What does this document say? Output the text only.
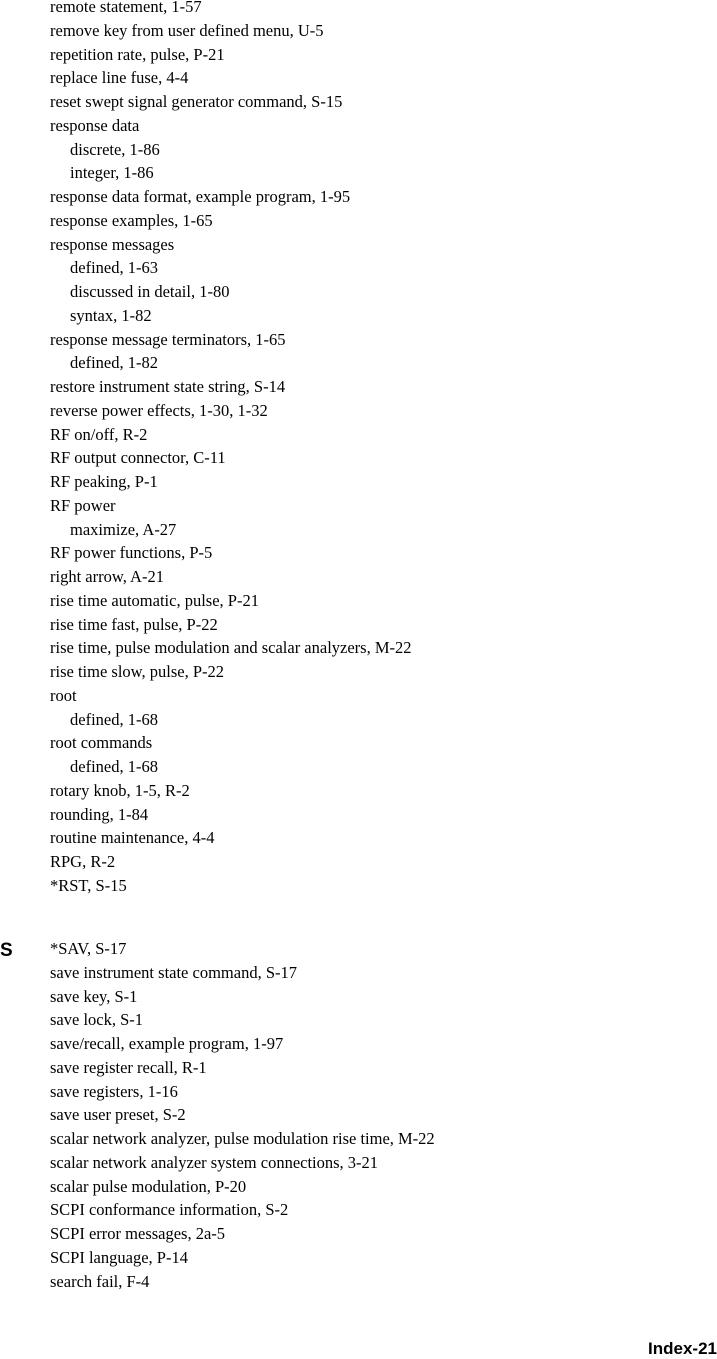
remote statement, 1-57
remove key from user defined menu, U-5
repetition rate, pulse, P-21
replace line fuse, 4-4
reset swept signal generator command, S-15
response data
discrete, 1-86
integer, 1-86
response data format, example program, 1-95
response examples, 1-65
response messages
defined, 1-63
discussed in detail, 1-80
syntax, 1-82
response message terminators, 1-65
defined, 1-82
restore instrument state string, S-14
reverse power effects, 1-30, 1-32
RF on/off, R-2
RF output connector, C-11
RF peaking, P-1
RF power
maximize, A-27
RF power functions, P-5
right arrow, A-21
rise time automatic, pulse, P-21
rise time fast, pulse, P-22
rise time, pulse modulation and scalar analyzers, M-22
rise time slow, pulse, P-22
root
defined, 1-68
root commands
defined, 1-68
rotary knob, 1-5, R-2
rounding, 1-84
routine maintenance, 4-4
RPG, R-2
*RST, S-15
S	*SAV, S-17
save instrument state command, S-17
save key, S-1
save lock, S-1
save/recall, example program, 1-97
save register recall, R-1
save registers, 1-16
save user preset, S-2
scalar network analyzer, pulse modulation rise time, M-22
scalar network analyzer system connections, 3-21
scalar pulse modulation, P-20
SCPI conformance information, S-2
SCPI error messages, 2a-5
SCPI language, P-14
search fail, F-4
Index-21
